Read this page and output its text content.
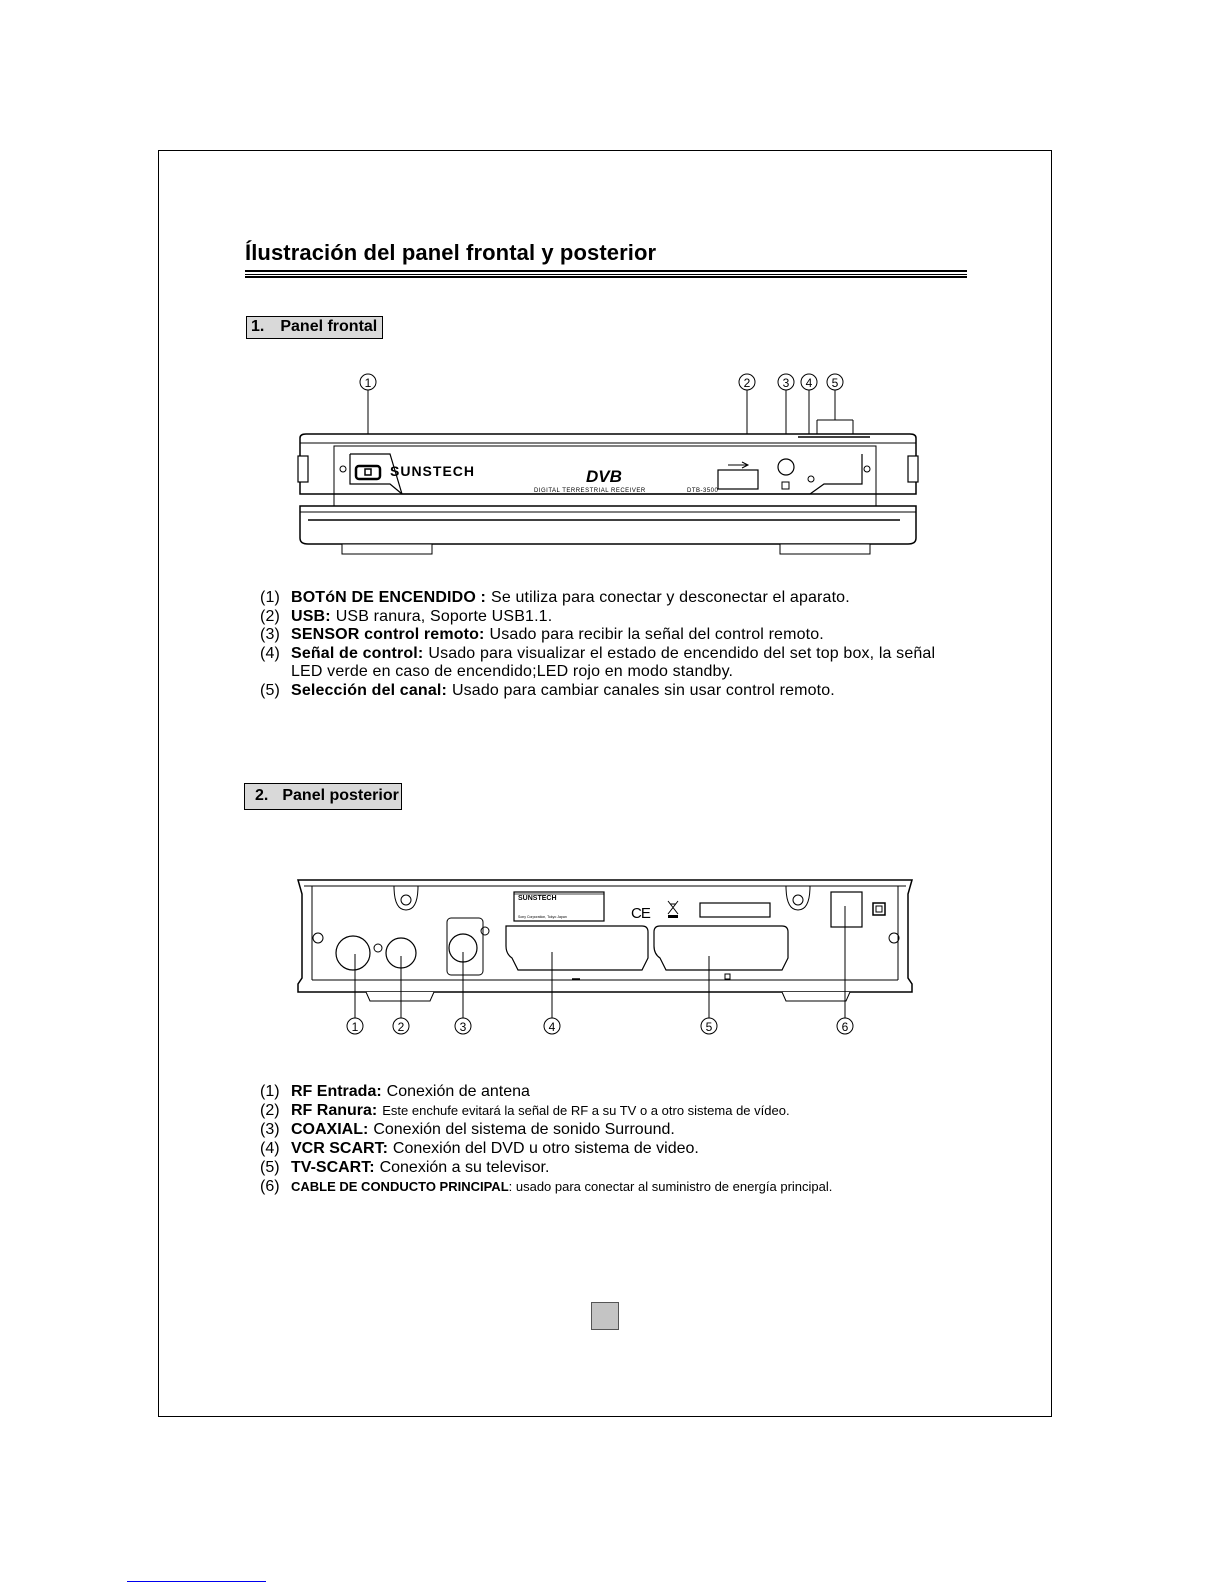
Ílustración del panel frontal y posterior
1. Panel frontal
1	2	3 4 5
SUNSTECH	DVB
DIGITAL TERRESTRIAL RECEIVER	DTB-3500
(1) BOTóN DE ENCENDIDO : Se utiliza para conectar y desconectar el aparato.
(2) USB: USB ranura, Soporte USB1.1.
(3) SENSOR control remoto: Usado para recibir la señal del control remoto.
(4) Señal de control: Usado para visualizar el estado de encendido del set top box, la señal
LED verde en caso de encendido;LED rojo en modo standby.
(5) Selección del canal: Usado para cambiar canales sin usar control remoto.
2. Panel posterior
SUNSTECH
Sony Corporation, Tokyo Japan	CE
1	2	3	4	5	6
(1) RF Entrada: Conexión de antena
(2) RF Ranura: Este enchufe evitará la señal de RF a su TV o a otro sistema de vídeo.
(3) COAXIAL: Conexión del sistema de sonido Surround.
(4) VCR SCART: Conexión del DVD u otro sistema de video.
(5) TV-SCART: Conexión a su televisor.
(6) CABLE DE CONDUCTO PRINCIPAL : usado para conectar al suministro de energía principal.
